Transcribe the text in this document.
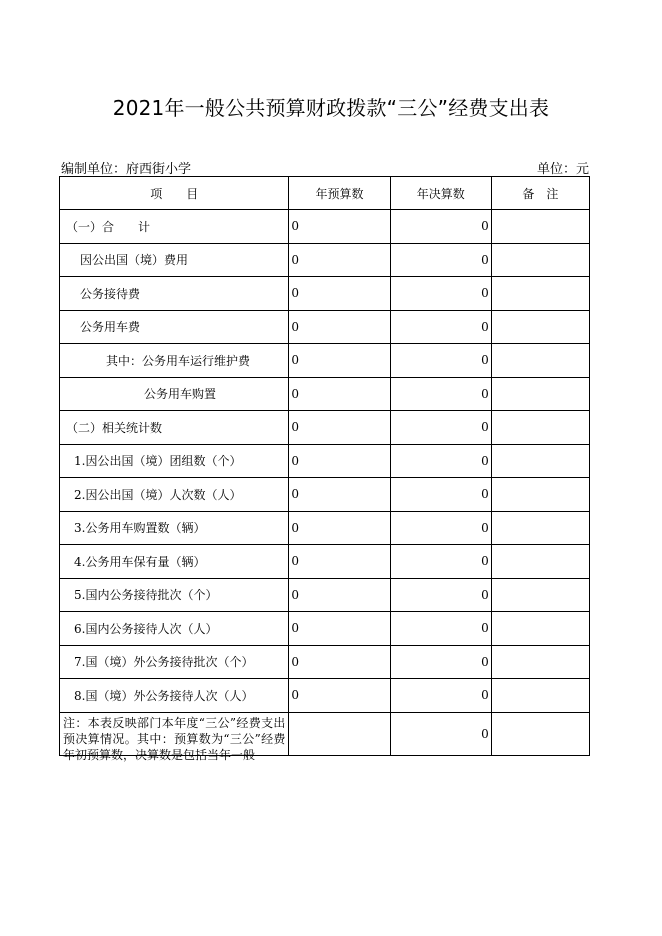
2021年一般公共预算财政拨款“三公”经费支出表
编制单位：府西街小学	单位：元
项　　目	年预算数	年决算数	备　注
（一）合　　计	0	0	
因公出国（境）费用	0	0	
公务接待费	0	0	
公务用车费	0	0	
其中：公务用车运行维护费	0	0	
公务用车购置	0	0	
（二）相关统计数	0	0	
1.因公出国（境）团组数（个）	0	0	
2.因公出国（境）人次数（人）	0	0	
3.公务用车购置数（辆）	0	0	
4.公务用车保有量（辆）	0	0	
5.国内公务接待批次（个）	0	0	
6.国内公务接待人次（人）	0	0	
7.国（境）外公务接待批次（个）	0	0	
8.国（境）外公务接待人次（人）	0	0	

注：本表反映部门本年度“三公”经费支出预决算情况。其中：预算数为“三公”经费年初预算数，决算数是包括当年一般		0	
